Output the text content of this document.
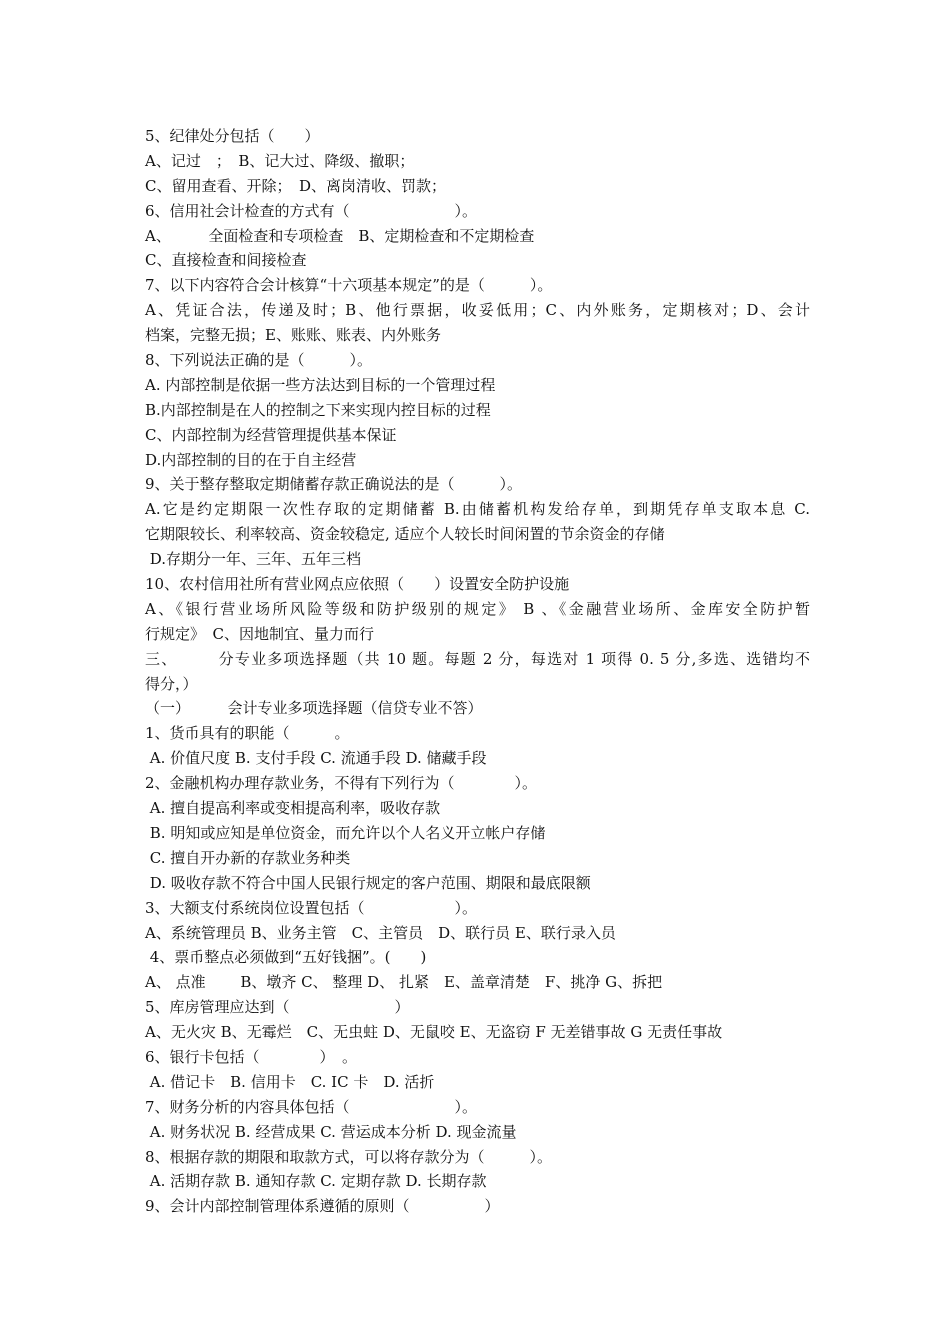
5、纪律处分包括（　　）
A、记过　；　B、记大过、降级、撤职；
C、留用查看、开除；　D、离岗清收、罚款；
6、信用社会计检查的方式有（　　　　　　　）。
A、　　　全面检查和专项检查　B、定期检查和不定期检查
C、直接检查和间接检查
7、以下内容符合会计核算“十六项基本规定”的是（　　　）。
A、凭证合法，传递及时；B、他行票据，收妥低用；C、内外账务，定期核对；D、会计
档案，完整无损；E、账账、账表、内外账务
8、下列说法正确的是（　　　）。
A. 内部控制是依据一些方法达到目标的一个管理过程
B.内部控制是在人的控制之下来实现内控目标的过程
C、内部控制为经营管理提供基本保证
D.内部控制的目的在于自主经营
9、关于整存整取定期储蓄存款正确说法的是（　　　）。
A.它是约定期限一次性存取的定期储蓄 B.由储蓄机构发给存单，到期凭存单支取本息 C.
它期限较长、利率较高、资金较稳定, 适应个人较长时间闲置的节余资金的存储
D.存期分一年、三年、五年三档
10、农村信用社所有营业网点应依照（　　）设置安全防护设施
A、《银行营业场所风险等级和防护级别的规定》 B 、《金融营业场所、金库安全防护暂
行规定》　C、因地制宜、量力而行
三、　　　分专业多项选择题（共 10 题。每题 2 分，每选对 1 项得 0. 5 分,多选、选错均不
得分，）
（一）　　　会计专业多项选择题（信贷专业不答）
1、货币具有的职能（　　　。
A. 价值尺度 B. 支付手段 C. 流通手段 D. 储藏手段
2、金融机构办理存款业务，不得有下列行为（　　　　）。
A. 擅自提高利率或变相提高利率，吸收存款
B. 明知或应知是单位资金，而允许以个人名义开立帐户存储
C. 擅自开办新的存款业务种类
D. 吸收存款不符合中国人民银行规定的客户范围、期限和最底限额
3、大额支付系统岗位设置包括（　　　　　　）。
A、系统管理员 B、业务主管　C、主管员　D、联行员 E、联行录入员
4、票币整点必须做到“五好钱捆”。(　　)
A、 点准　　 B、墩齐 C、 整理 D、 扎紧　E、盖章清楚　F、挑净 G、拆把
5、库房管理应达到（　　　　　　　）
A、无火灾 B、无霉烂　C、无虫蛀 D、无鼠咬 E、无盗窃 F 无差错事故 G 无责任事故
6、银行卡包括（　　　　）　。
A. 借记卡　B. 信用卡　C. IC 卡　D. 活折
7、财务分析的内容具体包括（　　　　　　　）。
A. 财务状况 B. 经营成果 C. 营运成本分析 D. 现金流量
8、根据存款的期限和取款方式，可以将存款分为（　　　）。
A. 活期存款 B. 通知存款 C. 定期存款 D. 长期存款
9、会计内部控制管理体系遵循的原则（　　　　　）
